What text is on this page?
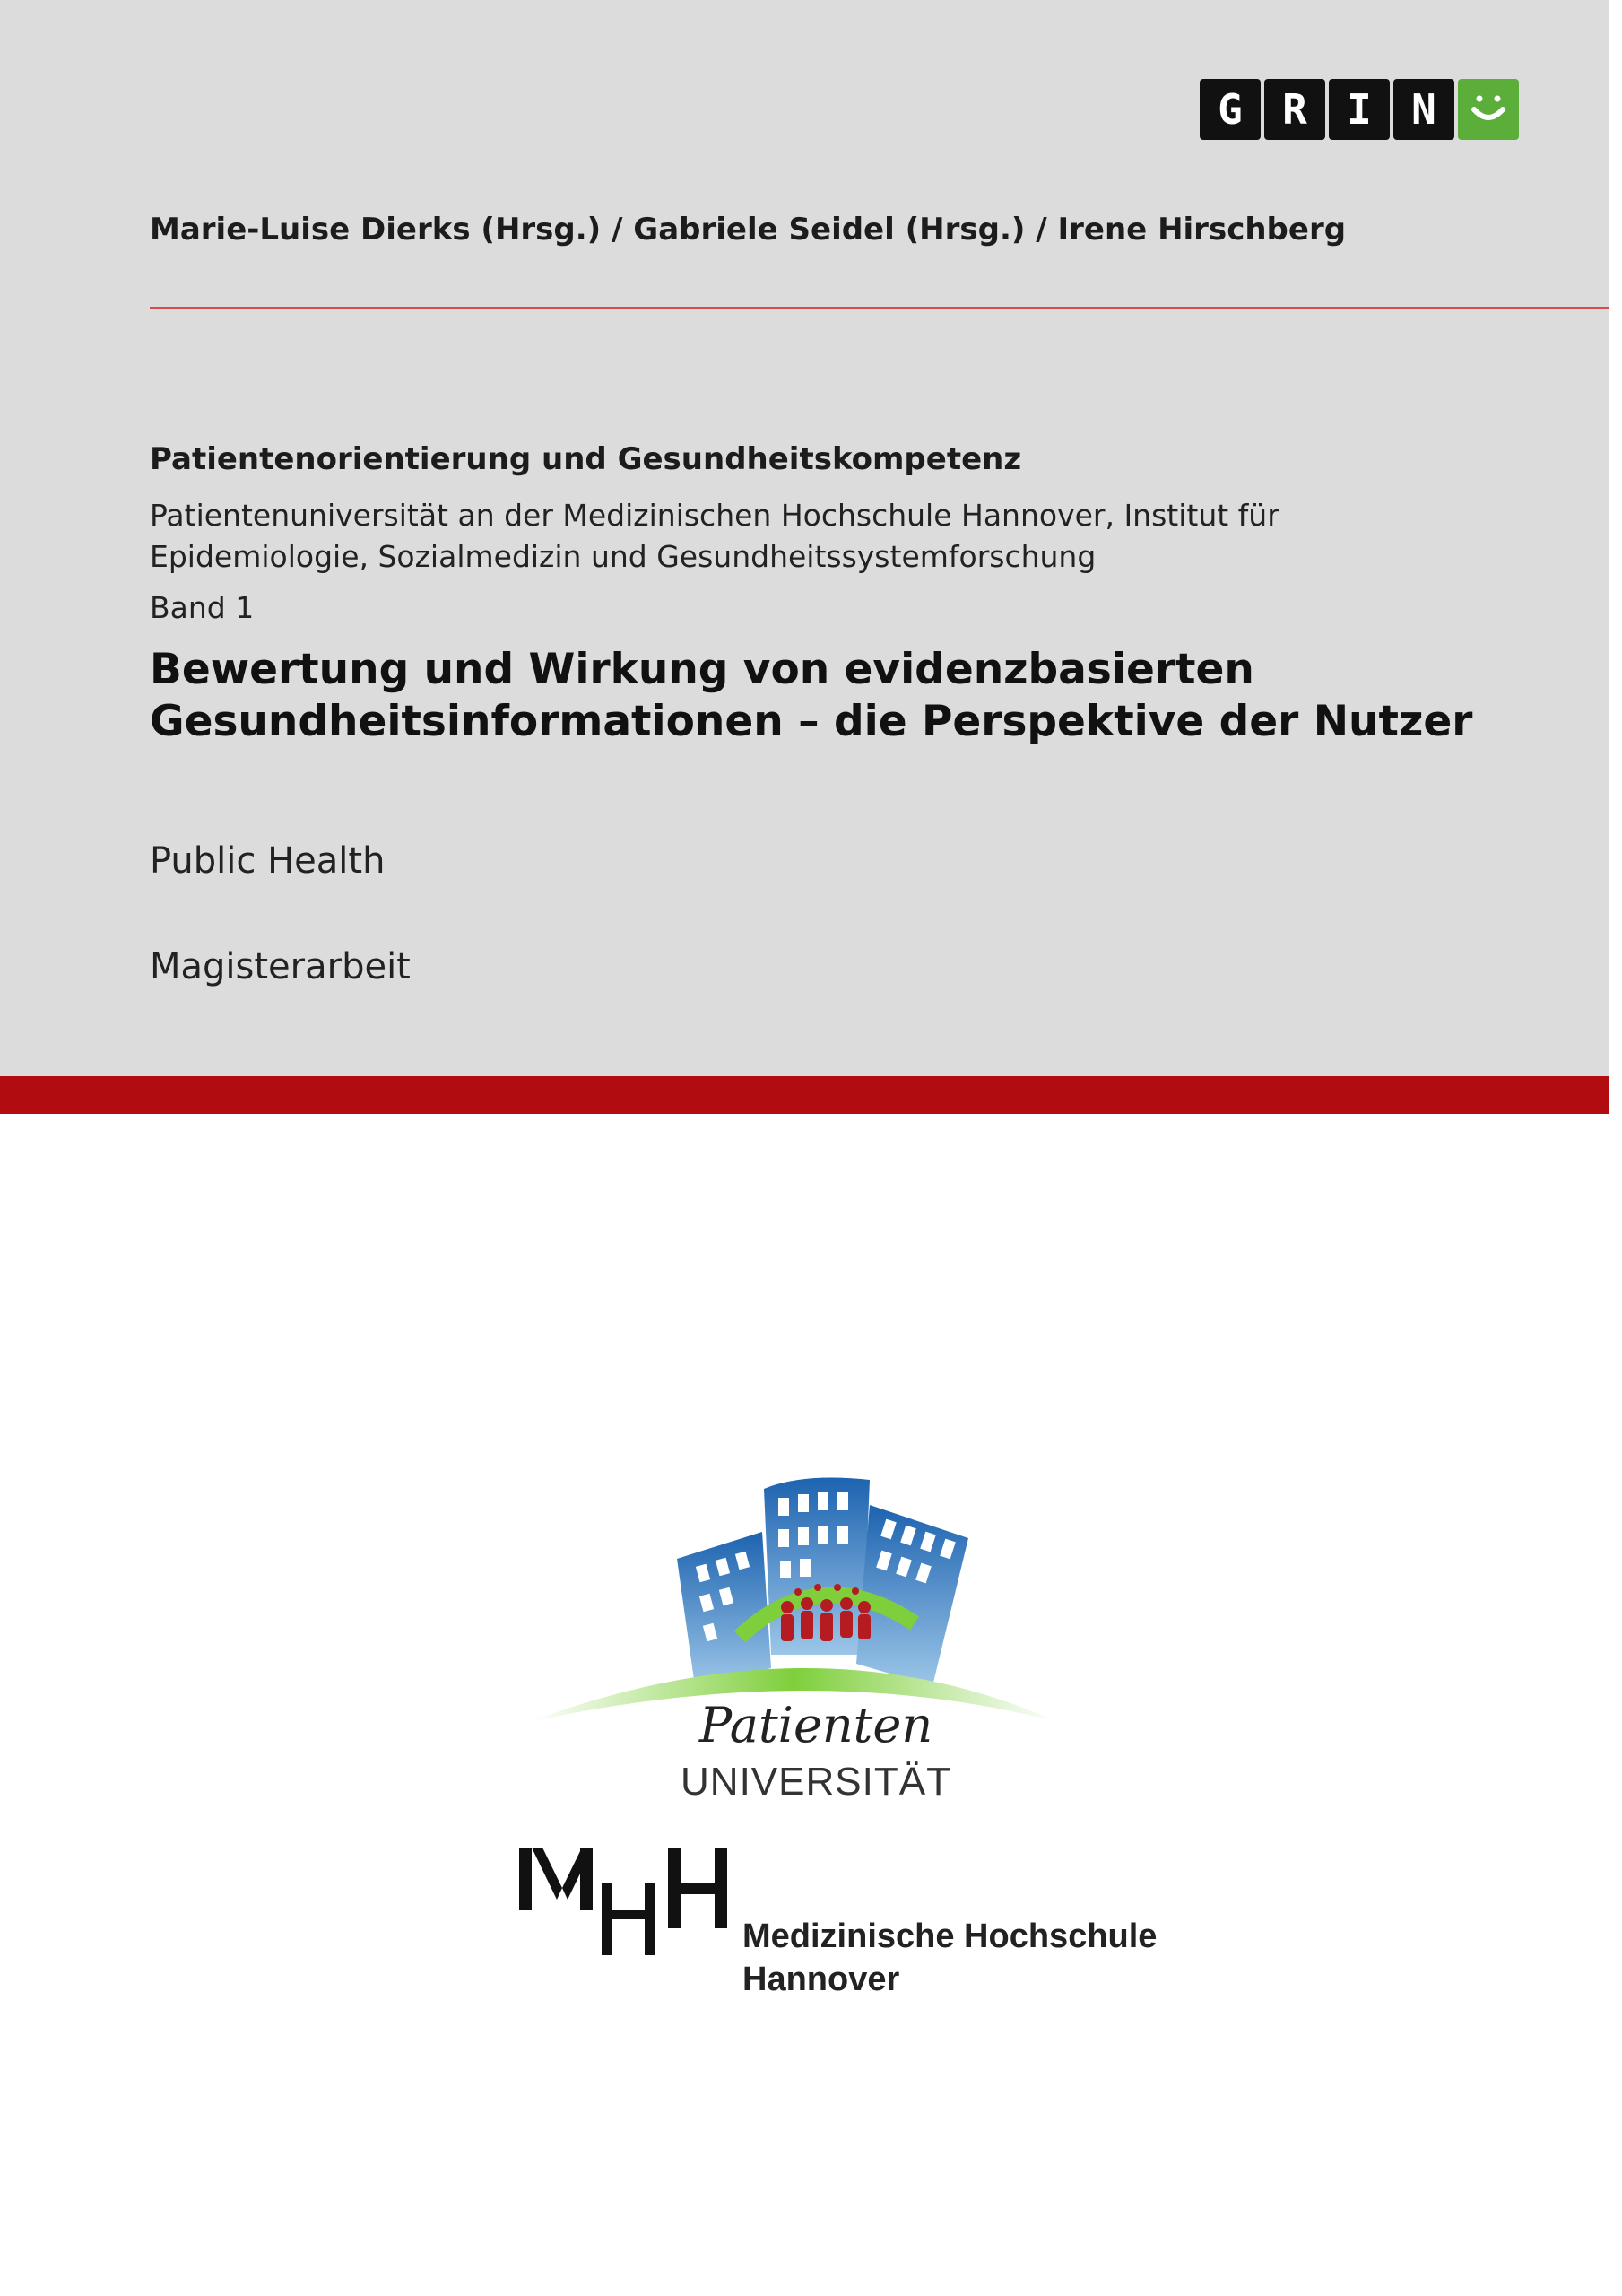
G R I N
Marie-Luise Dierks (Hrsg.) / Gabriele Seidel (Hrsg.) / Irene Hirschberg
Patientenorientierung und Gesundheitskompetenz
Patientenuniversität an der Medizinischen Hochschule Hannover, Institut für
Epidemiologie, Sozialmedizin und Gesundheitssystemforschung
Band 1
Bewertung und Wirkung von evidenzbasierten
Gesundheitsinformationen – die Perspektive der Nutzer
Public Health
Magisterarbeit
Patienten
UNIVERSITÄT
Medizinische Hochschule
Hannover
